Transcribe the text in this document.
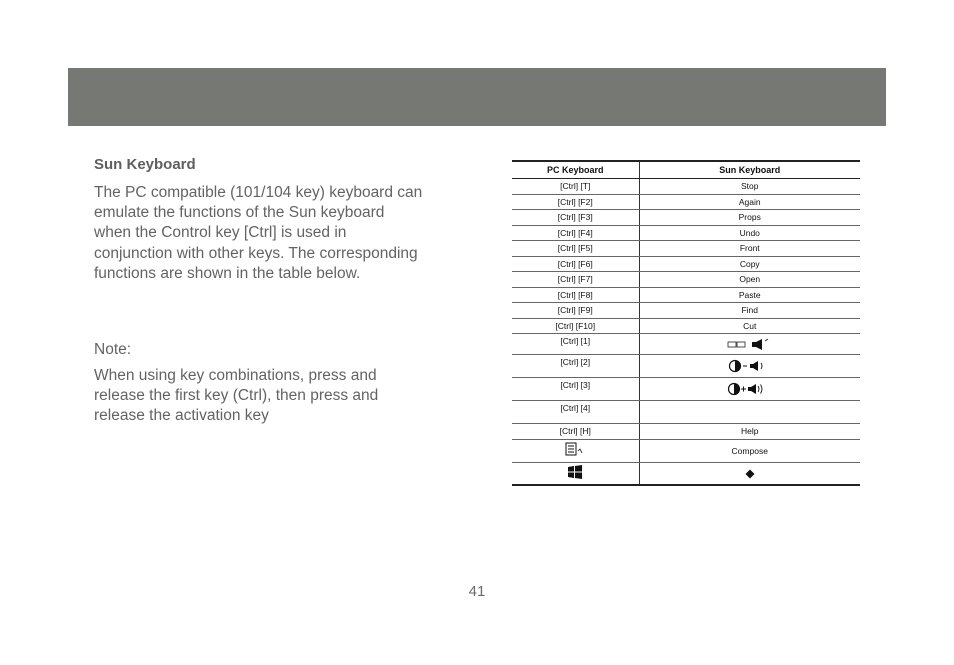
Sun Keyboard

The PC compatible (101/104 key) keyboard can emulate the functions of the Sun keyboard when the Control key [Ctrl] is used in conjunction with other keys. The corresponding functions are shown in the table below.

Note:

When using key combinations, press and release the first key (Ctrl), then press and release the activation key

PC Keyboard	Sun Keyboard
[Ctrl] [T]	Stop
[Ctrl] [F2]	Again
[Ctrl] [F3]	Props
[Ctrl] [F4]	Undo
[Ctrl] [F5]	Front
[Ctrl] [F6]	Copy
[Ctrl] [F7]	Open
[Ctrl] [F8]	Paste
[Ctrl] [F9]	Find
[Ctrl] [F10]	Cut
[Ctrl] [1]	
[Ctrl] [2]	
[Ctrl] [3]	
[Ctrl] [4]	
[Ctrl] [H]	Help
	Compose

41
